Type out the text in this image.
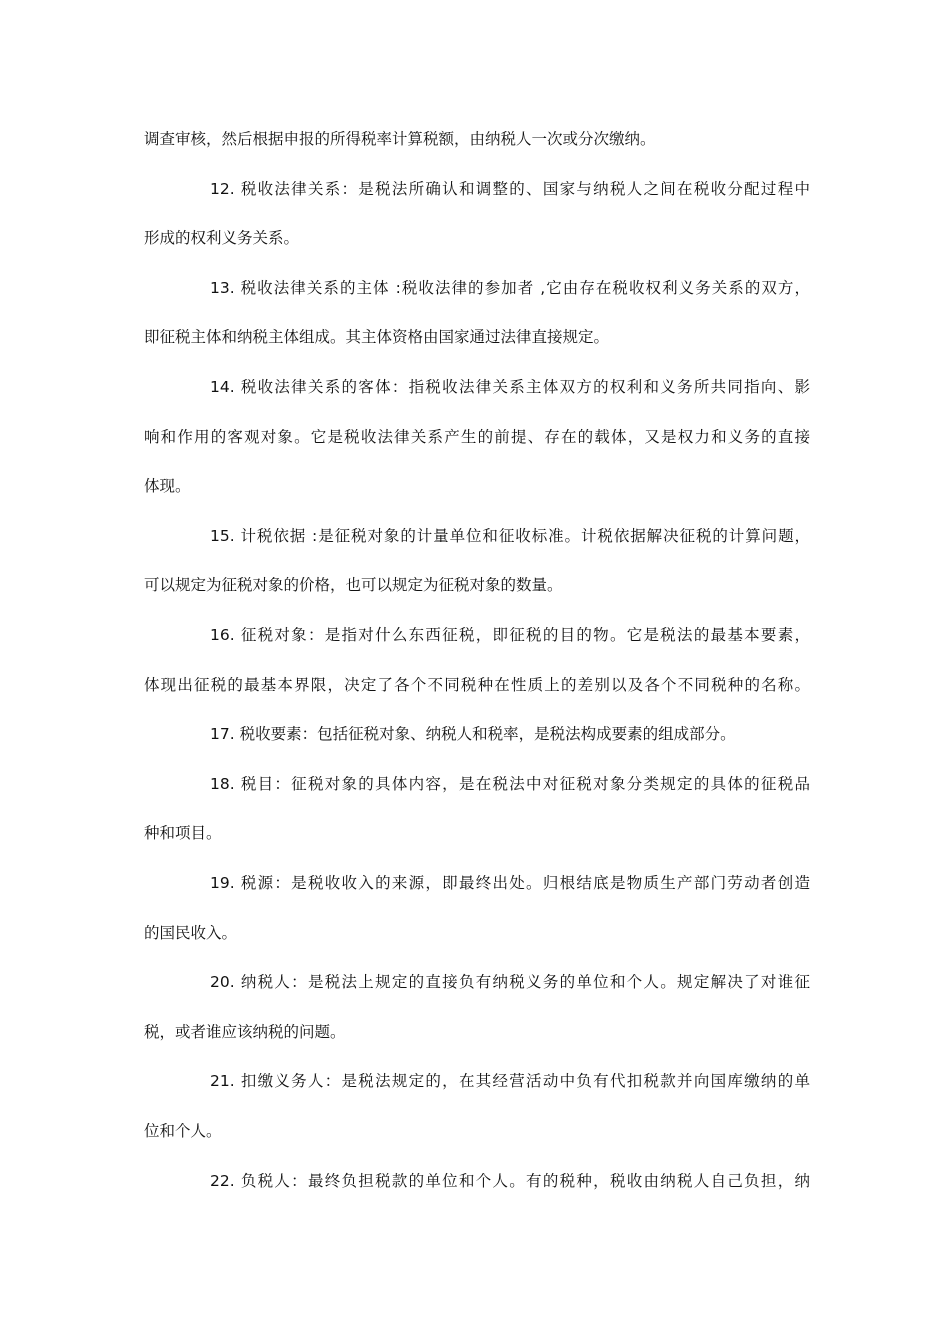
调查审核，然后根据申报的所得税率计算税额，由纳税人一次或分次缴纳。
12. 税收法律关系：是税法所确认和调整的、国家与纳税人之间在税收分配过程中
形成的权利义务关系。
13. 税收法律关系的主体 :税收法律的参加者 ,它由存在税收权利义务关系的双方，
即征税主体和纳税主体组成。其主体资格由国家通过法律直接规定。
14. 税收法律关系的客体：指税收法律关系主体双方的权利和义务所共同指向、影
响和作用的客观对象。它是税收法律关系产生的前提、存在的载体，又是权力和义务的直接
体现。
15. 计税依据 :是征税对象的计量单位和征收标准。计税依据解决征税的计算问题，
可以规定为征税对象的价格，也可以规定为征税对象的数量。
16. 征税对象：是指对什么东西征税，即征税的目的物。它是税法的最基本要素，
体现出征税的最基本界限，决定了各个不同税种在性质上的差别以及各个不同税种的名称。
17. 税收要素：包括征税对象、纳税人和税率，是税法构成要素的组成部分。
18. 税目：征税对象的具体内容，是在税法中对征税对象分类规定的具体的征税品
种和项目。
19. 税源：是税收收入的来源，即最终出处。归根结底是物质生产部门劳动者创造
的国民收入。
20. 纳税人：是税法上规定的直接负有纳税义务的单位和个人。规定解决了对谁征
税，或者谁应该纳税的问题。
21. 扣缴义务人：是税法规定的，在其经营活动中负有代扣税款并向国库缴纳的单
位和个人。
22. 负税人：最终负担税款的单位和个人。有的税种，税收由纳税人自己负担，纳
